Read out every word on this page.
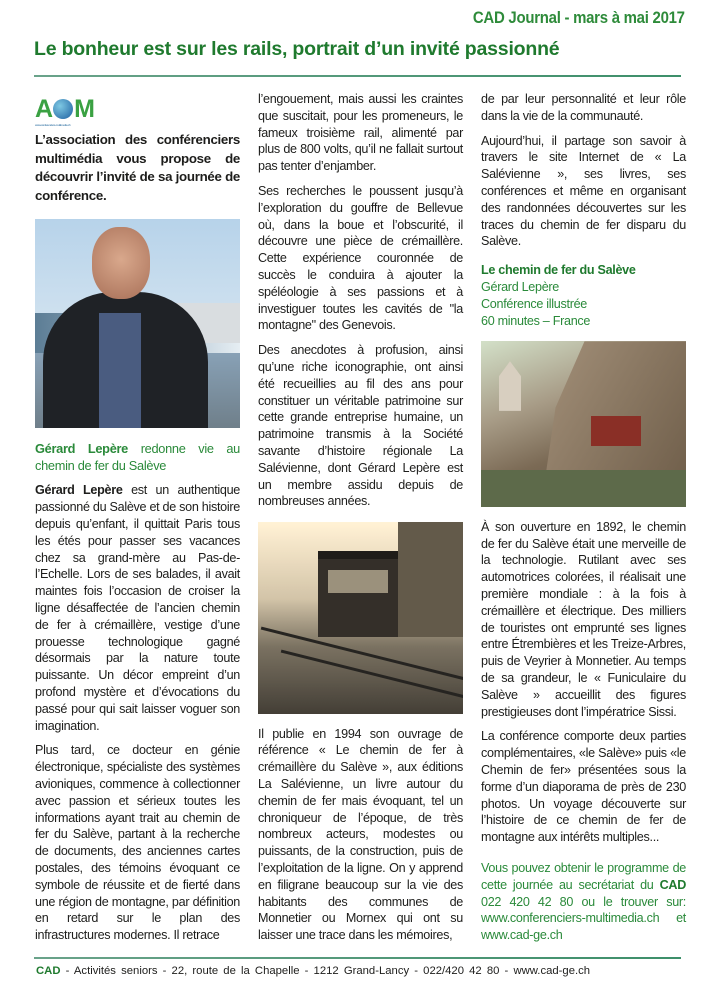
CAD Journal - mars à mai 2017
Le bonheur est sur les rails, portrait d’un invité passionné
A M
www.conferenciers-multimedia.ch
L’association des conférenciers multimédia vous propose de découvrir l’invité de sa journée de conférence.
Gérard Lepère redonne vie au chemin de fer du Salève

Gérard Lepère est un authentique passionné du Salève et de son histoire depuis qu’enfant, il quittait Paris tous les étés pour passer ses vacances chez sa grand-mère au Pas-de-l’Echelle. Lors de ses balades, il avait maintes fois l’occasion de croiser la ligne désaffectée de l’ancien chemin de fer à crémaillère, vestige d’une prouesse technologique gagné désormais par la nature toute puissante. Un décor empreint d’un profond mystère et d’évocations du passé pour qui sait laisser voguer son imagination.

Plus tard, ce docteur en génie électronique, spécialiste des systèmes avioniques, commence à collectionner avec passion et sérieux toutes les informations ayant trait au chemin de fer du Salève, partant à la recherche de documents, des anciennes cartes postales, des témoins évoquant ce symbole de réussite et de fierté dans une région de montagne, par définition en retard sur le plan des infrastructures modernes. Il retrace

l’engouement, mais aussi les craintes que suscitait, pour les promeneurs, le fameux troisième rail, alimenté par plus de 800 volts, qu’il ne fallait surtout pas tenter d’enjamber.

Ses recherches le poussent jusqu’à l’exploration du gouffre de Bellevue où, dans la boue et l’obscurité, il découvre une pièce de crémaillère. Cette expérience couronnée de succès le conduira à ajouter la spéléologie à ses passions et à investiguer toutes les cavités de "la montagne" des Genevois.

Des anecdotes à profusion, ainsi qu’une riche iconographie, ont ainsi été recueillies au fil des ans pour constituer un véritable patrimoine sur cette grande entreprise humaine, un patrimoine transmis à la Société savante d’histoire régionale La Salévienne, dont Gérard Lepère est un membre assidu depuis de nombreuses années.

Il publie en 1994 son ouvrage de référence « Le chemin de fer à crémaillère du Salève », aux éditions La Salévienne, un livre autour du chemin de fer mais évoquant, tel un chroniqueur de l’époque, de très nombreux acteurs, modestes ou puissants, de la construction, puis de l’exploitation de la ligne. On y apprend en filigrane beaucoup sur la vie des habitants des communes de Monnetier ou Mornex qui ont su laisser une trace dans les mémoires,

de par leur personnalité et leur rôle dans la vie de la communauté.

Aujourd’hui, il partage son savoir à travers le site Internet de « La Salévienne », ses livres, ses conférences et même en organisant des randonnées découvertes sur les traces du chemin de fer disparu du Salève.

Le chemin de fer du Salève
Gérard Lepère
Conférence illustrée
60 minutes – France

À son ouverture en 1892, le chemin de fer du Salève était une merveille de la technologie. Rutilant avec ses automotrices colorées, il réalisait une première mondiale : à la fois à crémaillère et électrique. Des milliers de touristes ont emprunté ses lignes entre Étrembières et les Treize-Arbres, puis de Veyrier à Monnetier. Au temps de sa grandeur, le « Funiculaire du Salève » accueillit des figures prestigieuses dont l’impératrice Sissi.

La conférence comporte deux parties complémentaires, «le Salève» puis «le Chemin de fer» présentées sous la forme d’un diaporama de près de 230 photos. Un voyage découverte sur l’histoire de ce chemin de fer de montagne aux intérêts multiples...

Vous pouvez obtenir le programme de cette journée au secrétariat du CAD 022 420 42 80 ou le trouver sur: www.conferenciers-multimedia.ch et www.cad-ge.ch

CAD - Activités seniors - 22, route de la Chapelle - 1212 Grand-Lancy - 022/420 42 80 - www.cad-ge.ch
